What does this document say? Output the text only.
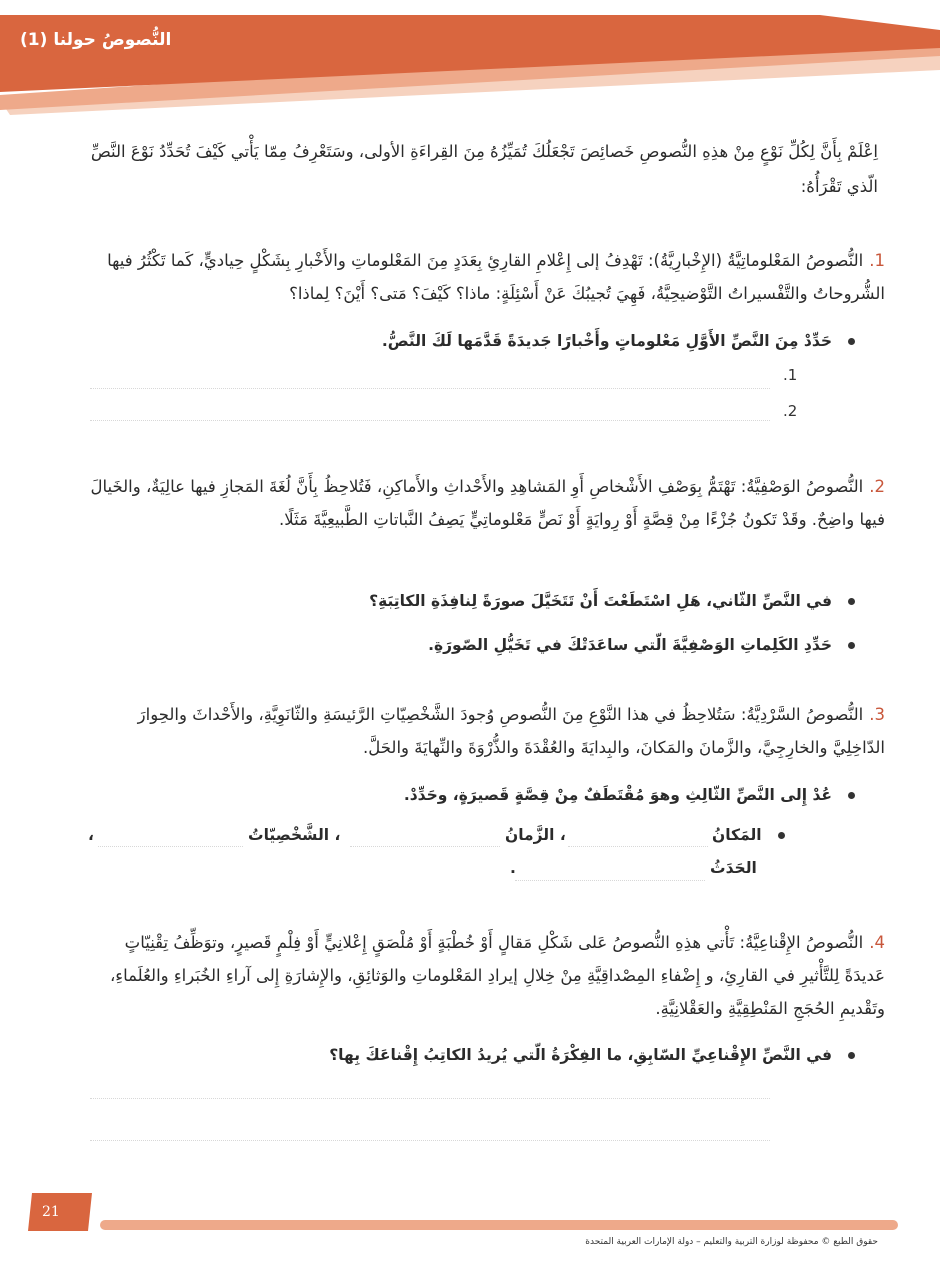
النُّصوصُ حولنا (1)
اِعْلَمْ بِأَنَّ لِكُلِّ نَوْعٍ مِنْ هذِهِ النُّصوصِ خَصائِصَ تَجْعَلُكَ تُمَيِّزُهُ مِنَ القِراءَةِ الأولى، وسَتَعْرِفُ مِمّا يَأْتي كَيْفَ تُحَدِّدُ نَوْعَ النَّصِّ الّذي تَقْرَأُهُ:
1.النُّصوصُ المَعْلوماتِيَّةُ (الإِخْبارِيَّةُ): تَهْدِفُ إلى إِعْلامِ القارِئِ بِعَدَدٍ مِنَ المَعْلوماتِ والأَخْبارِ بِشَكْلٍ حِياديٍّ، كَما تَكْثُرُ فيها الشُّروحاتُ والتَّفْسيراتُ التَّوْضيحِيَّةُ، فَهِيَ تُجيبُكَ عَنْ أَسْئِلَةٍ: ماذا؟ كَيْفَ؟ مَتى؟ أَيْنَ؟ لِماذا؟
حَدِّدْ مِنَ النَّصِّ الأَوَّلِ مَعْلوماتٍ وأَخْبارًا جَديدَةً قَدَّمَها لَكَ النَّصُّ.
.1
.2
2.النُّصوصُ الوَصْفِيَّةُ: تَهْتَمُّ بِوَصْفِ الأَشْخاصِ أَوِ المَشاهِدِ والأَحْداثِ والأَماكِنِ، فَتُلاحِظُ بِأَنَّ لُغَةَ المَجازِ فيها عالِيَةٌ، والخَيالَ فيها واضِحٌ. وقَدْ تَكونُ جُزْءًا مِنْ قِصَّةٍ أَوْ رِوايَةٍ أَوْ نَصٍّ مَعْلوماتِيٍّ يَصِفُ النَّباتاتِ الطَّبيعِيَّةَ مَثَلًا.
في النَّصِّ الثّاني، هَلِ اسْتَطَعْتَ أَنْ تَتَخَيَّلَ صورَةً لِنافِذَةِ الكاتِبَةِ؟
حَدِّدِ الكَلِماتِ الوَصْفِيَّةَ الّتي ساعَدَتْكَ في تَخَيُّلِ الصّورَةِ.
3.النُّصوصُ السَّرْدِيَّةُ: سَتُلاحِظُ في هذا النَّوْعِ مِنَ النُّصوصِ وُجودَ الشَّخْصِيّاتِ الرَّئيسَةِ والثّانَوِيَّةِ، والأَحْداثَ والحِوارَ الدّاخِلِيَّ والخارِجِيَّ، والزَّمانَ والمَكانَ، والبِدايَةَ والعُقْدَةَ والذُّرْوَةَ والنِّهايَةَ والحَلَّ.
عُدْ إِلى النَّصِّ الثّالِثِ وهوَ مُقْتَطَفٌ مِنْ قِصَّةٍ قَصيرَةٍ، وحَدِّدْ.
المَكانُ
، الزَّمانُ
، الشَّخْصِيّاتُ
،
الحَدَثُ
.
4.النُّصوصُ الإِقْناعِيَّةُ: تَأْتي هذِهِ النُّصوصُ عَلى شَكْلِ مَقالٍ أَوْ خُطْبَةٍ أَوْ مُلْصَقٍ إِعْلانِيٍّ أَوْ فِلْمٍ قَصيرٍ، وتوَظِّفُ تِقْنِيّاتٍ عَديدَةً لِلتَّأْثيرِ في القارِئِ، و إِضْفاءِ المِصْداقِيَّةِ مِنْ خِلالِ إيرادِ المَعْلوماتِ والوَثائِقِ، والإِشارَةِ إِلى آراءِ الخُبَراءِ والعُلَماءِ، وتَقْديمِ الحُجَجِ المَنْطِقِيَّةِ والعَقْلانِيَّةِ.
في النَّصِّ الإِقْناعِيِّ السّابِقِ، ما الفِكْرَةُ الّتي يُريدُ الكاتِبُ إِقْناعَكَ بِها؟
21
حقوق الطبع © محفوظة لوزارة التربية والتعليم – دولة الإمارات العربية المتحدة
